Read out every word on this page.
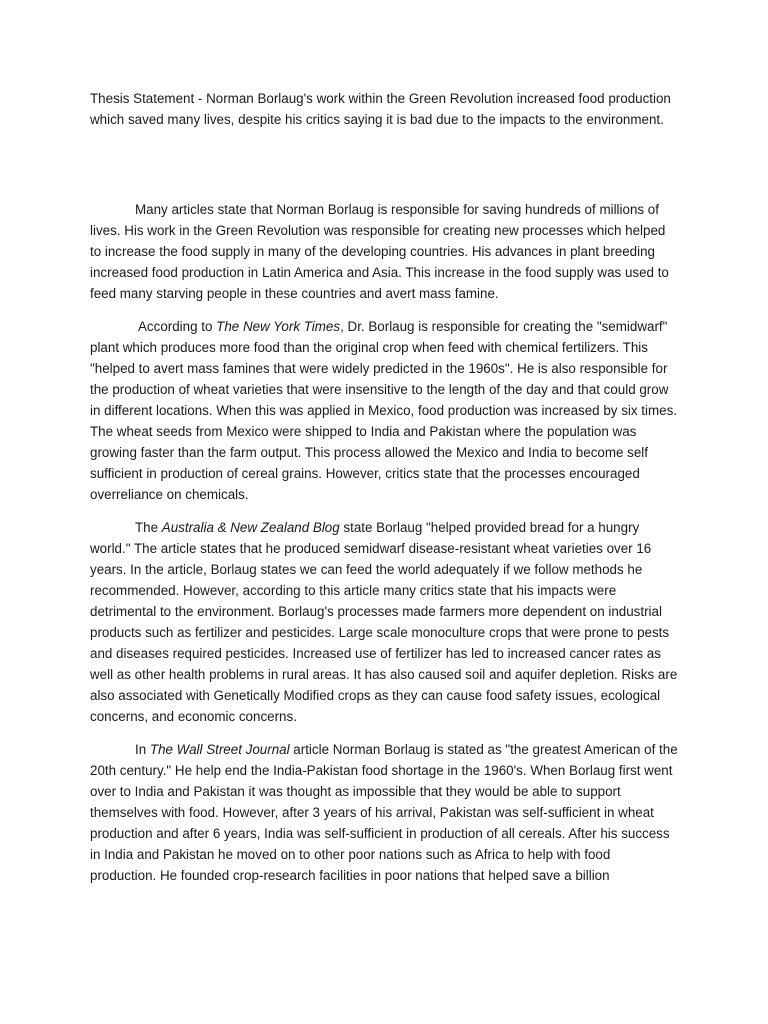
Thesis Statement - Norman Borlaug's work within the Green Revolution increased food production which saved many lives, despite his critics saying it is bad due to the impacts to the environment.

Many articles state that Norman Borlaug is responsible for saving hundreds of millions of lives. His work in the Green Revolution was responsible for creating new processes which helped to increase the food supply in many of the developing countries. His advances in plant breeding increased food production in Latin America and Asia. This increase in the food supply was used to feed many starving people in these countries and avert mass famine.

According to The New York Times, Dr. Borlaug is responsible for creating the "semidwarf" plant which produces more food than the original crop when feed with chemical fertilizers. This "helped to avert mass famines that were widely predicted in the 1960s". He is also responsible for the production of wheat varieties that were insensitive to the length of the day and that could grow in different locations. When this was applied in Mexico, food production was increased by six times. The wheat seeds from Mexico were shipped to India and Pakistan where the population was growing faster than the farm output. This process allowed the Mexico and India to become self sufficient in production of cereal grains. However, critics state that the processes encouraged overreliance on chemicals.

The Australia & New Zealand Blog state Borlaug "helped provided bread for a hungry world." The article states that he produced semidwarf disease-resistant wheat varieties over 16 years. In the article, Borlaug states we can feed the world adequately if we follow methods he recommended. However, according to this article many critics state that his impacts were detrimental to the environment. Borlaug's processes made farmers more dependent on industrial products such as fertilizer and pesticides. Large scale monoculture crops that were prone to pests and diseases required pesticides. Increased use of fertilizer has led to increased cancer rates as well as other health problems in rural areas. It has also caused soil and aquifer depletion. Risks are also associated with Genetically Modified crops as they can cause food safety issues, ecological concerns, and economic concerns.

In The Wall Street Journal article Norman Borlaug is stated as "the greatest American of the 20th century." He help end the India-Pakistan food shortage in the 1960's. When Borlaug first went over to India and Pakistan it was thought as impossible that they would be able to support themselves with food. However, after 3 years of his arrival, Pakistan was self-sufficient in wheat production and after 6 years, India was self-sufficient in production of all cereals. After his success in India and Pakistan he moved on to other poor nations such as Africa to help with food production. He founded crop-research facilities in poor nations that helped save a billion
